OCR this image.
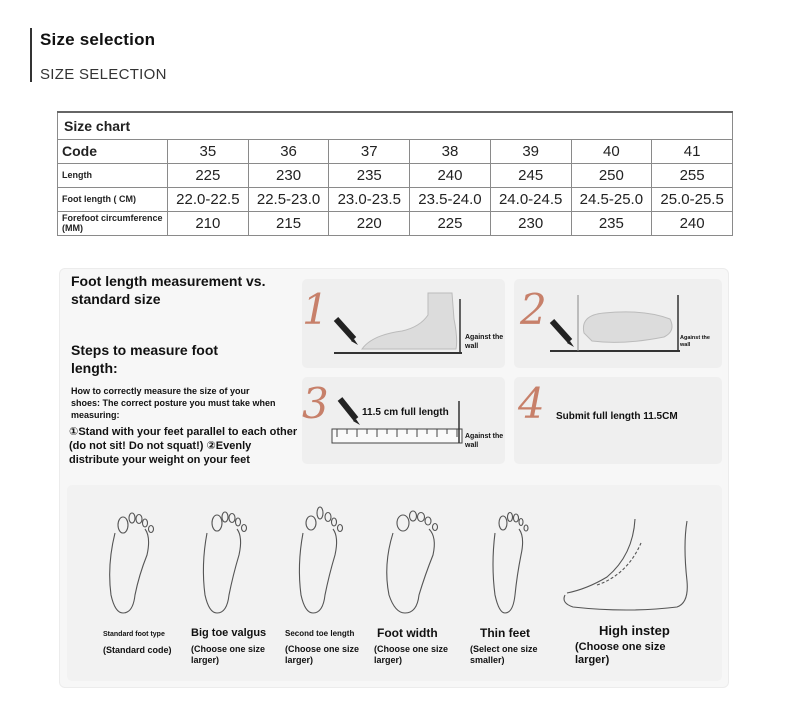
Size selection
SIZE SELECTION
Size chart							
Code	35	36	37	38	39	40	41
Length	225	230	235	240	245	250	255
Foot length ( CM)	22.0-22.5	22.5-23.0	23.0-23.5	23.5-24.0	24.0-24.5	24.5-25.0	25.0-25.5
Forefoot circumference (MM)	210	215	220	225	230	235	240
Foot length measurement vs. standard size
Steps to measure foot length:
How to correctly measure the size of your shoes: The correct posture you must take when measuring:
①Stand with your feet parallel to each other (do not sit! Do not squat!) ②Evenly distribute your weight on your feet
1
Against the wall
2
Against the wall
3	11.5 cm full length
Against the wall
4 Submit full length 11.5CM
Standard foot type
(Standard code)
Big toe valgus
(Choose one size larger)
Second toe length
(Choose one size larger)
Foot width
(Choose one size larger)
Thin feet
(Select one size smaller)
High instep
(Choose one size larger)
